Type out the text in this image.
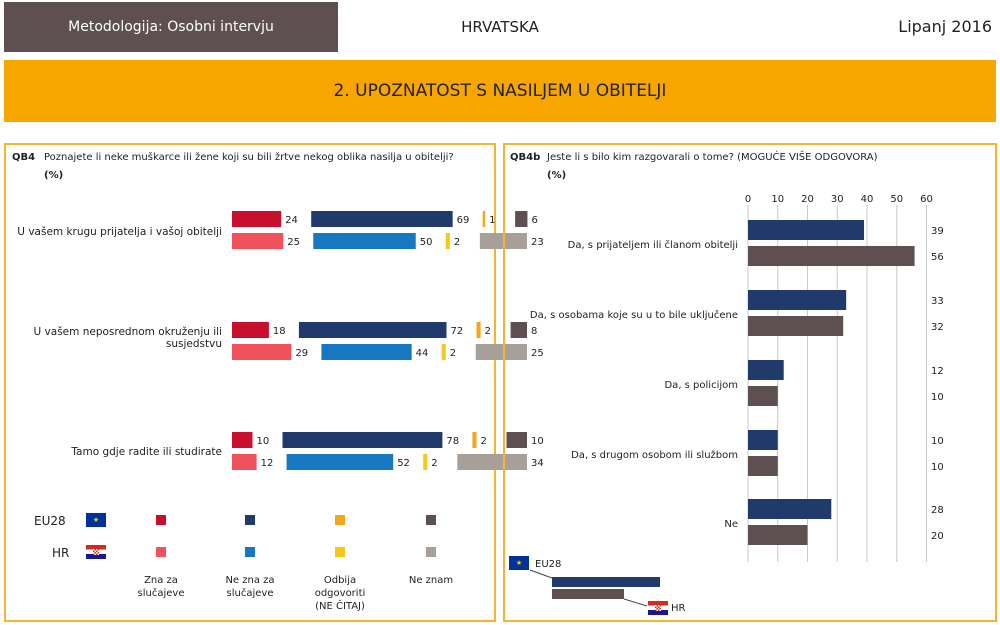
Metodologija: Osobni intervju	HRVATSKA	Lipanj 2016
2. UPOZNATOST S NASILJEM U OBITELJI
QB4 Poznajete li neke muškarce ili žene koji su bili žrtve nekog oblika nasilja u obitelji?
(%)
U vašem krugu prijatelja i vašoj obitelji
U vašem neposrednom okruženju ili susjedstvu
Tamo gdje radite ili studirate
24	69 1	6
18	72 2	8
10	78 2	10
25	50 2	23
29	44 2	25
12	52 2	34
EU28
★
HR
Zna za
slučajeve
Ne zna za
slučajeve
Odbija
odgovoriti
(NE ČITAJ)
Ne znam
QB4b Jeste li s bilo kim razgovarali o tome? (MOGUĆE VIŠE ODGOVORA)
(%)
0 10 20 30 40 50 60
Da, s prijateljem ili članom obitelji
39
56
Da, s osobama koje su u to bile uključene
33
32
Da, s policijom
12
10
Da, s drugom osobom ili službom
10
10
Ne
28
20
EU28
★
HR
